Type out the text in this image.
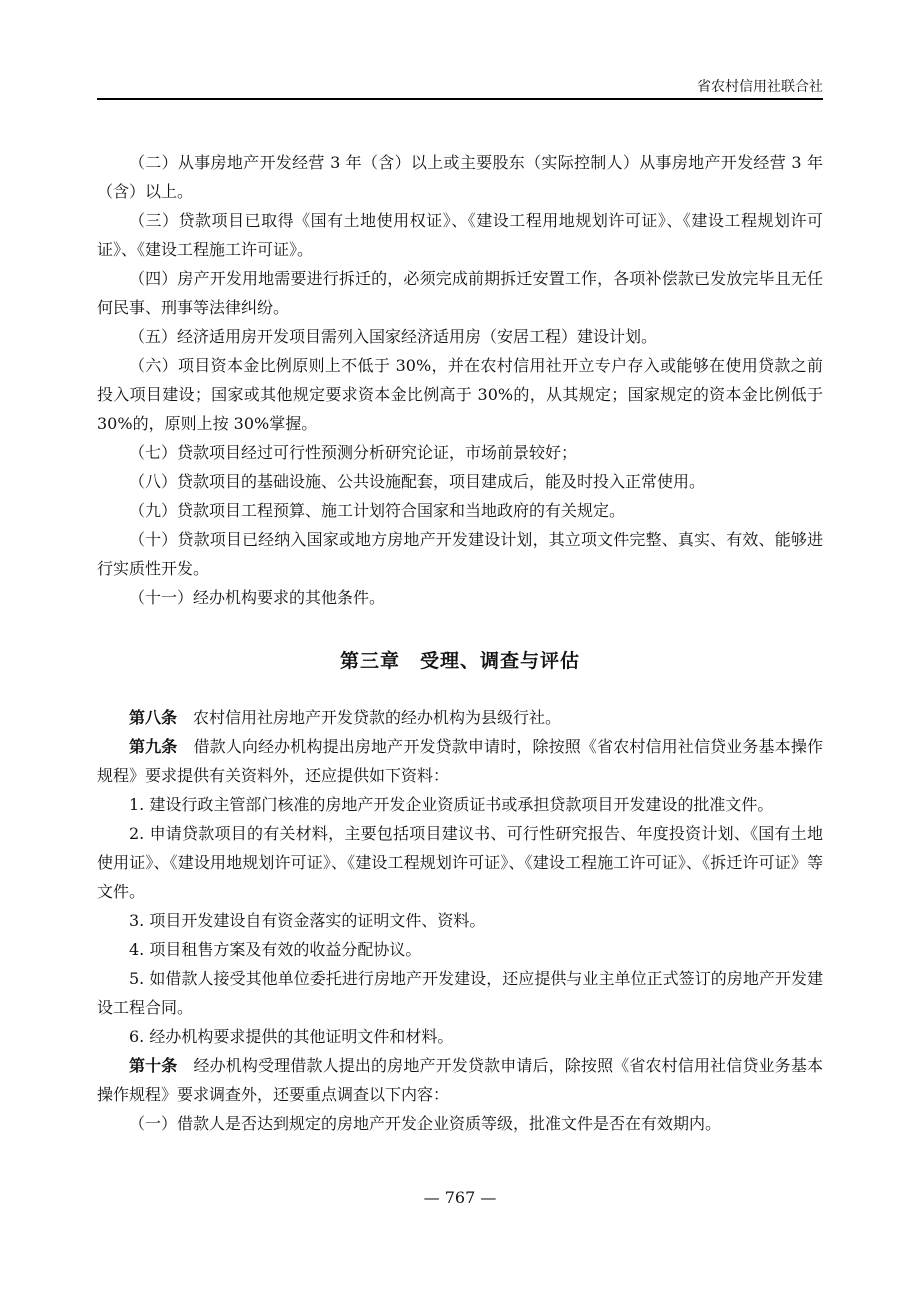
省农村信用社联合社

（二）从事房地产开发经营 3 年（含）以上或主要股东（实际控制人）从事房地产开发经营 3 年（含）以上。

（三）贷款项目已取得《国有土地使用权证》、《建设工程用地规划许可证》、《建设工程规划许可证》、《建设工程施工许可证》。

（四）房产开发用地需要进行拆迁的，必须完成前期拆迁安置工作，各项补偿款已发放完毕且无任何民事、刑事等法律纠纷。

（五）经济适用房开发项目需列入国家经济适用房（安居工程）建设计划。

（六）项目资本金比例原则上不低于 30%，并在农村信用社开立专户存入或能够在使用贷款之前投入项目建设；国家或其他规定要求资本金比例高于 30%的，从其规定；国家规定的资本金比例低于 30%的，原则上按 30%掌握。

（七）贷款项目经过可行性预测分析研究论证，市场前景较好；

（八）贷款项目的基础设施、公共设施配套，项目建成后，能及时投入正常使用。

（九）贷款项目工程预算、施工计划符合国家和当地政府的有关规定。

（十）贷款项目已经纳入国家或地方房地产开发建设计划，其立项文件完整、真实、有效、能够进行实质性开发。

（十一）经办机构要求的其他条件。

第三章　受理、调查与评估

第八条 农村信用社房地产开发贷款的经办机构为县级行社。

第九条 借款人向经办机构提出房地产开发贷款申请时，除按照《省农村信用社信贷业务基本操作规程》要求提供有关资料外，还应提供如下资料：

1. 建设行政主管部门核准的房地产开发企业资质证书或承担贷款项目开发建设的批准文件。

2. 申请贷款项目的有关材料，主要包括项目建议书、可行性研究报告、年度投资计划、《国有土地使用证》、《建设用地规划许可证》、《建设工程规划许可证》、《建设工程施工许可证》、《拆迁许可证》等文件。

3. 项目开发建设自有资金落实的证明文件、资料。

4. 项目租售方案及有效的收益分配协议。

5. 如借款人接受其他单位委托进行房地产开发建设，还应提供与业主单位正式签订的房地产开发建设工程合同。

6. 经办机构要求提供的其他证明文件和材料。

第十条 经办机构受理借款人提出的房地产开发贷款申请后，除按照《省农村信用社信贷业务基本操作规程》要求调查外，还要重点调查以下内容：

（一）借款人是否达到规定的房地产开发企业资质等级，批准文件是否在有效期内。

— 767 —
